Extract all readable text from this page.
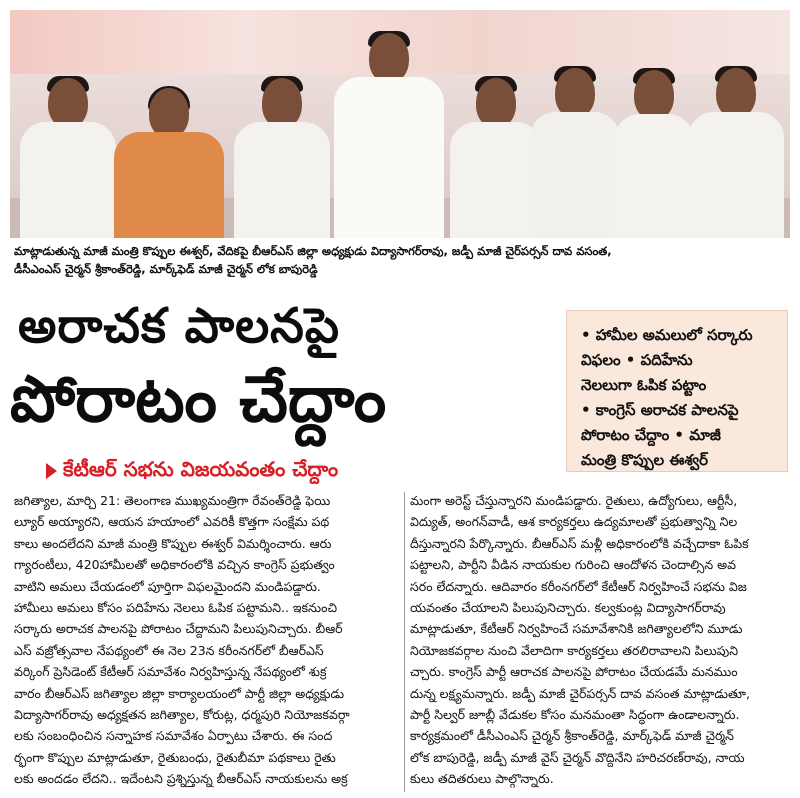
మాట్లాడుతున్న మాజీ మంత్రి కొప్పుల ఈశ్వర్, వేదికపై బీఆర్ఎస్ జిల్లా అధ్యక్షుడు విద్యాసాగర్‌రావు, జడ్పీ మాజీ చైర్‌పర్సన్ దావ వసంత,
డీసీఎంఎస్ చైర్మన్ శ్రీకాంత్‌రెడ్డి, మార్క్‌ఫెడ్ మాజీ చైర్మన్ లోక బాపురెడ్డి
అరాచక పాలనపై
పోరాటం చేద్దాం
కేటీఆర్ సభను విజయవంతం చేద్దాం
• హామీల అమలులో సర్కారు
విఫలం • పదిహేను
నెలలుగా ఓపిక పట్టాం
• కాంగ్రెస్ అరాచక పాలనపై
పోరాటం చేద్దాం • మాజీ
మంత్రి కొప్పుల ఈశ్వర్
జగిత్యాల, మార్చి 21: తెలంగాణ ముఖ్యమంత్రిగా రేవంత్‌రెడ్డి ఫెయి
ల్యూర్ అయ్యారని, ఆయన హయాంలో ఎవరికీ కొత్తగా సంక్షేమ పథ
కాలు అందలేదని మాజీ మంత్రి కొప్పుల ఈశ్వర్ విమర్శించారు. ఆరు
గ్యారంటీలు, 420హామీలతో అధికారంలోకి వచ్చిన కాంగ్రెస్ ప్రభుత్వం
వాటిని అమలు చేయడంలో పూర్తిగా విఫలమైందని మండిపడ్డారు.
హామీలు అమలు కోసం పదిహేను నెలలు ఓపిక పట్టామని.. ఇకనుంచి
సర్కారు అరాచక పాలనపై పోరాటం చేద్దామని పిలుపునిచ్చారు. బీఆర్
ఎస్ వజ్రోత్సవాల నేపథ్యంలో ఈ నెల 23న కరీంనగర్‌లో బీఆర్ఎస్
వర్కింగ్ ప్రెసిడెంట్ కేటీఆర్ సమావేశం నిర్వహిస్తున్న నేపథ్యంలో శుక్ర
వారం బీఆర్ఎస్ జగిత్యాల జిల్లా కార్యాలయంలో పార్టీ జిల్లా అధ్యక్షుడు
విద్యాసాగర్‌రావు అధ్యక్షతన జగిత్యాల, కోరుట్ల, ధర్మపురి నియోజకవర్గా
లకు సంబంధించిన సన్నాహక సమావేశం ఏర్పాటు చేశారు. ఈ సంద
ర్భంగా కొప్పుల మాట్లాడుతూ, రైతుబంధు, రైతుబీమా పథకాలు రైతు
లకు అందడం లేదని.. ఇదేంటని ప్రశ్నిస్తున్న బీఆర్ఎస్ నాయకులను అక్ర
మంగా అరెస్ట్ చేస్తున్నారని మండిపడ్డారు. రైతులు, ఉద్యోగులు, ఆర్టీసీ,
విద్యుత్, అంగన్‌వాడీ, ఆశ కార్యకర్తలు ఉద్యమాలతో ప్రభుత్వాన్ని నిల
దీస్తున్నారని పేర్కొన్నారు. బీఆర్ఎస్ మళ్లీ అధికారంలోకి వచ్చేదాకా ఓపిక
పట్టాలని, పార్టీని వీడిన నాయకుల గురించి ఆందోళన చెందాల్సిన అవ
సరం లేదన్నారు. ఆదివారం కరీంనగర్‌లో కేటీఆర్ నిర్వహించే సభను విజ
యవంతం చేయాలని పిలుపునిచ్చారు. కల్వకుంట్ల విద్యాసాగర్‌రావు
మాట్లాడుతూ, కేటీఆర్ నిర్వహించే సమావేశానికి జగిత్యాలలోని మూడు
నియోజకవర్గాల నుంచి వేలాదిగా కార్యకర్తలు తరలిరావాలని పిలుపుని
చ్చారు. కాంగ్రెస్ పార్టీ ఆరాచక పాలనపై పోరాటం చేయడమే మనముం
దున్న లక్ష్యమన్నారు. జడ్పీ మాజీ చైర్‌పర్సన్ దావ వసంత మాట్లాడుతూ,
పార్టీ సిల్వర్ జూబ్లీ వేడుకల కోసం మనమంతా సిద్ధంగా ఉండాలన్నారు.
కార్యక్రమంలో డీసీఎంఎస్ చైర్మన్ శ్రీకాంత్‌రెడ్డి, మార్క్‌ఫెడ్ మాజీ చైర్మన్
లోక బాపురెడ్డి, జడ్పీ మాజీ వైస్ చైర్మన్ వొద్దినేని హరిచరణ్‌రావు, నాయ
కులు తదితరులు పాల్గొన్నారు.
